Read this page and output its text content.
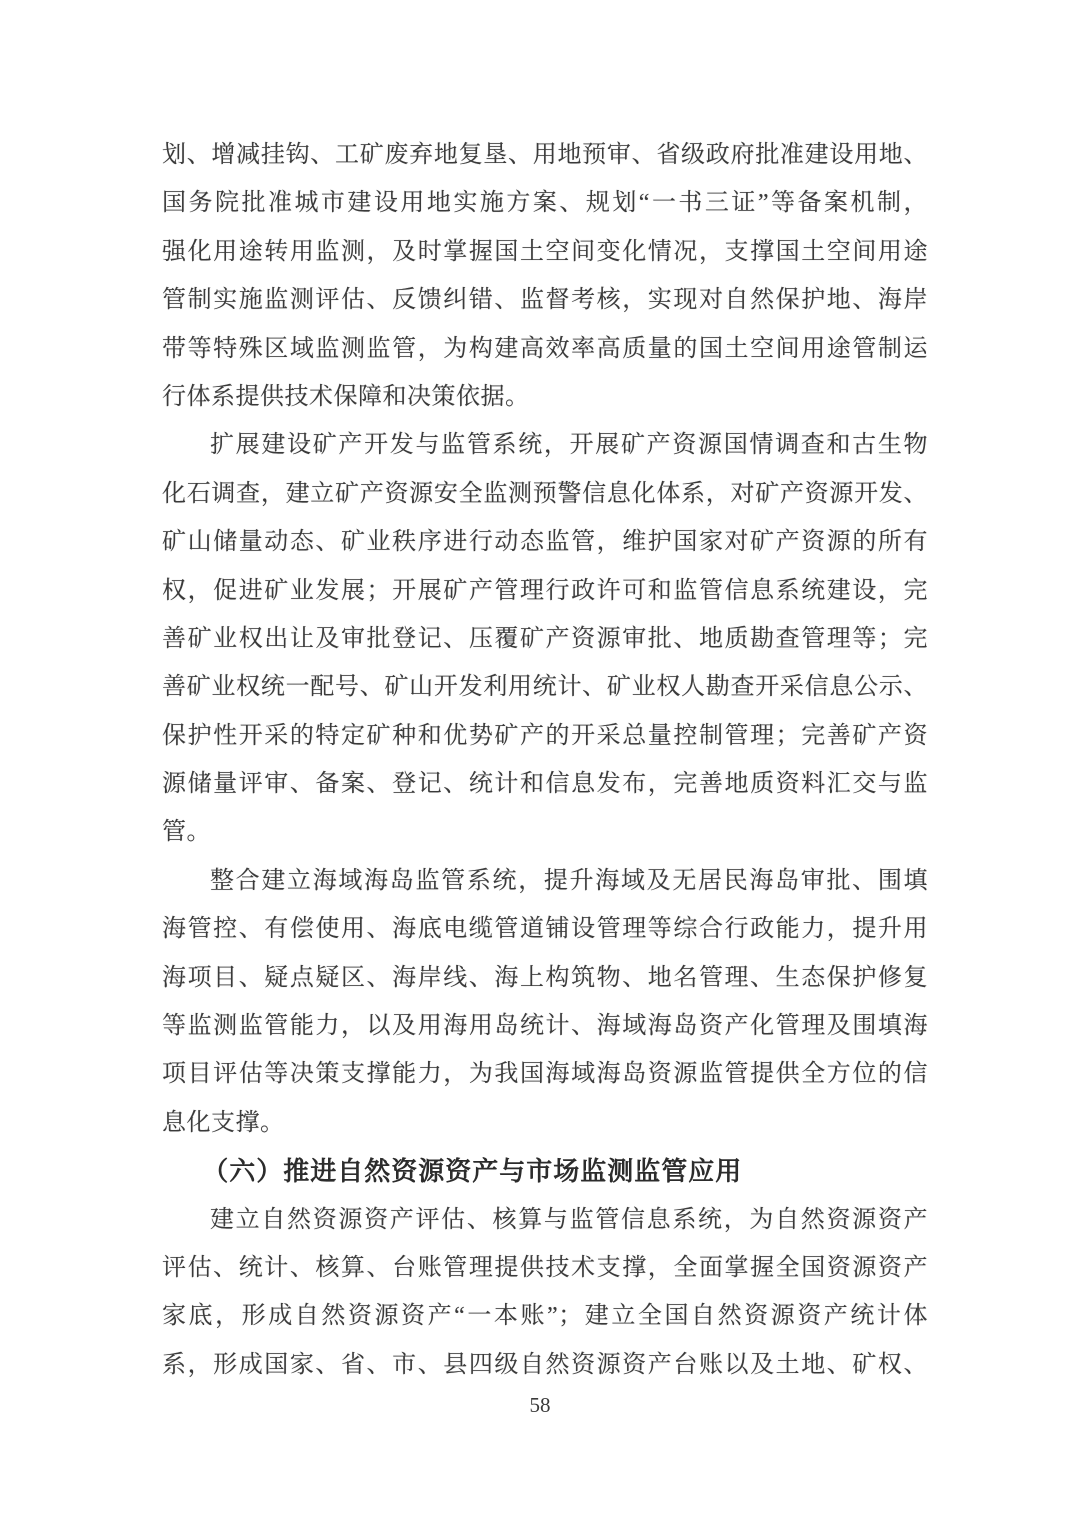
划、增减挂钩、工矿废弃地复垦、用地预审、省级政府批准建设用地、
国务院批准城市建设用地实施方案、规划“一书三证”等备案机制，
强化用途转用监测，及时掌握国土空间变化情况，支撑国土空间用途
管制实施监测评估、反馈纠错、监督考核，实现对自然保护地、海岸
带等特殊区域监测监管，为构建高效率高质量的国土空间用途管制运
行体系提供技术保障和决策依据。
扩展建设矿产开发与监管系统，开展矿产资源国情调查和古生物
化石调查，建立矿产资源安全监测预警信息化体系，对矿产资源开发、
矿山储量动态、矿业秩序进行动态监管，维护国家对矿产资源的所有
权，促进矿业发展；开展矿产管理行政许可和监管信息系统建设，完
善矿业权出让及审批登记、压覆矿产资源审批、地质勘查管理等；完
善矿业权统一配号、矿山开发利用统计、矿业权人勘查开采信息公示、
保护性开采的特定矿种和优势矿产的开采总量控制管理；完善矿产资
源储量评审、备案、登记、统计和信息发布，完善地质资料汇交与监
管。
整合建立海域海岛监管系统，提升海域及无居民海岛审批、围填
海管控、有偿使用、海底电缆管道铺设管理等综合行政能力，提升用
海项目、疑点疑区、海岸线、海上构筑物、地名管理、生态保护修复
等监测监管能力，以及用海用岛统计、海域海岛资产化管理及围填海
项目评估等决策支撑能力，为我国海域海岛资源监管提供全方位的信
息化支撑。
（六）推进自然资源资产与市场监测监管应用
建立自然资源资产评估、核算与监管信息系统，为自然资源资产
评估、统计、核算、台账管理提供技术支撑，全面掌握全国资源资产
家底，形成自然资源资产“一本账”；建立全国自然资源资产统计体
系，形成国家、省、市、县四级自然资源资产台账以及土地、矿权、
58
